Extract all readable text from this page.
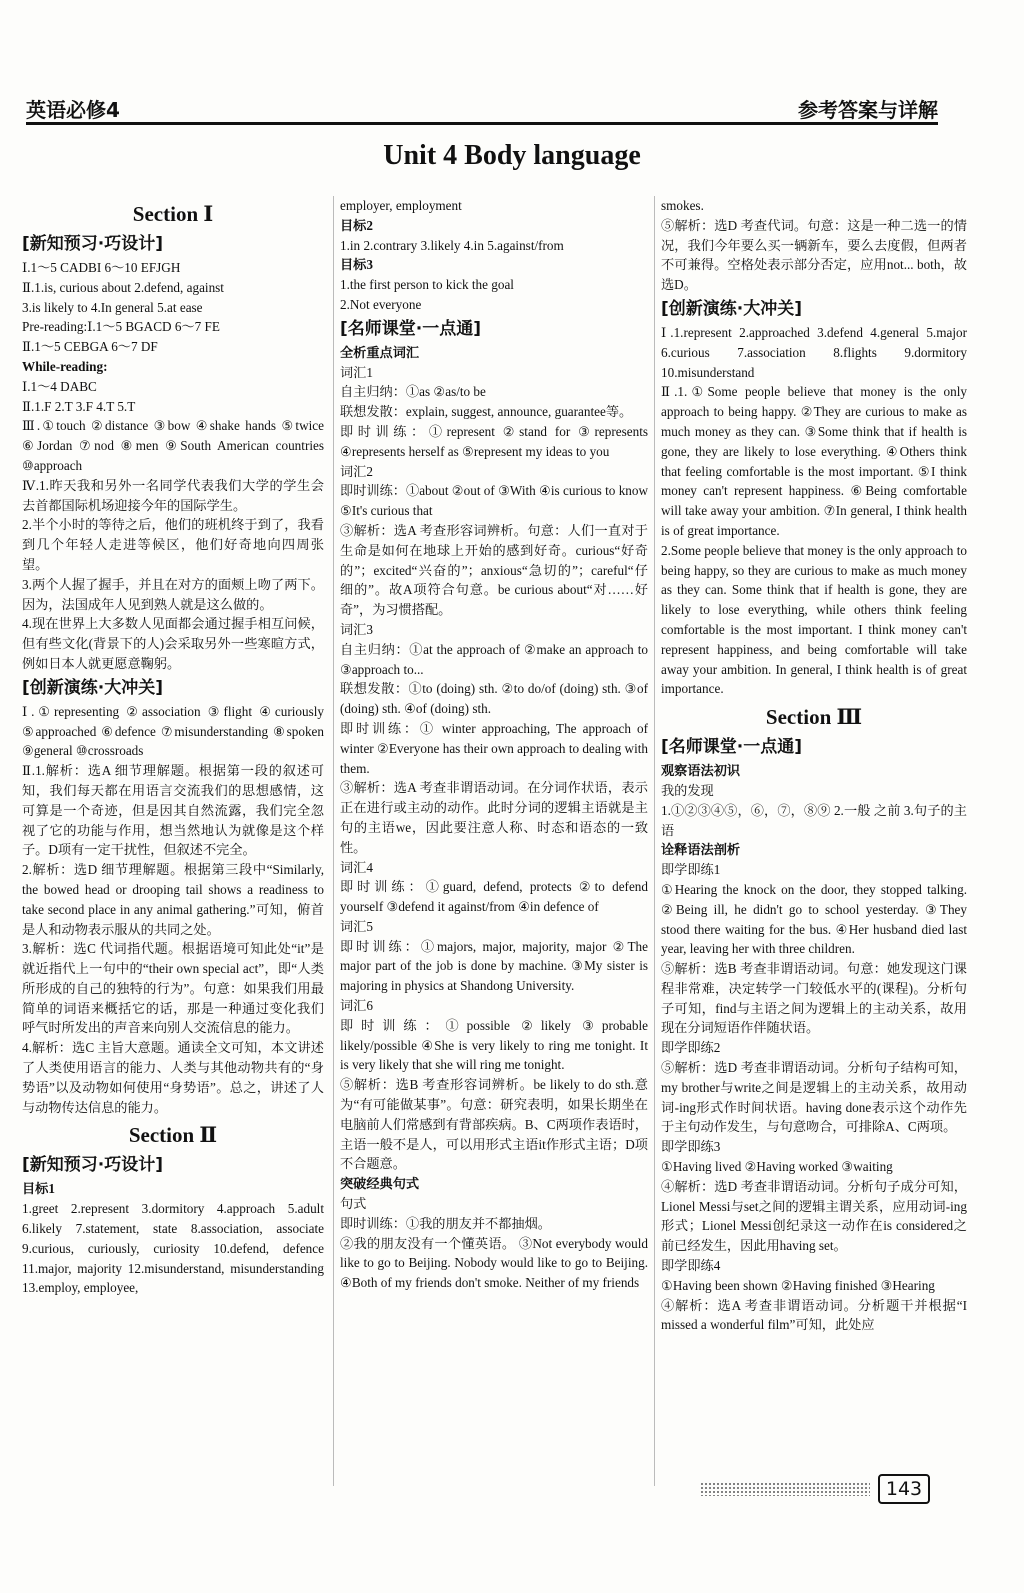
英语必修4	参考答案与详解
Unit 4 Body language
Section Ⅰ
[新知预习·巧设计]

Ⅰ.1～5 CADBI 6～10 EFJGH

Ⅱ.1.is, curious about 2.defend, against

3.is likely to 4.In general 5.at ease

Pre-reading:Ⅰ.1～5 BGACD 6～7 FE

Ⅱ.1～5 CEBGA 6～7 DF

While-reading:

Ⅰ.1～4 DABC

Ⅱ.1.F 2.T 3.F 4.T 5.T

Ⅲ.①touch ②distance ③bow ④shake hands ⑤twice ⑥Jordan ⑦nod ⑧men ⑨South American countries ⑩approach

Ⅳ.1.昨天我和另外一名同学代表我们大学的学生会去首都国际机场迎接今年的国际学生。

2.半个小时的等待之后，他们的班机终于到了，我看到几个年轻人走进等候区，他们好奇地向四周张望。

3.两个人握了握手，并且在对方的面颊上吻了两下。因为，法国成年人见到熟人就是这么做的。

4.现在世界上大多数人见面都会通过握手相互问候，但有些文化(背景下的人)会采取另外一些寒暄方式，例如日本人就更愿意鞠躬。

[创新演练·大冲关]

Ⅰ.①representing ②association ③flight ④curiously ⑤approached ⑥defence ⑦misunderstanding ⑧spoken ⑨general ⑩crossroads

Ⅱ.1.解析：选A 细节理解题。根据第一段的叙述可知，我们每天都在用语言交流我们的思想感情，这可算是一个奇迹，但是因其自然流露，我们完全忽视了它的功能与作用，想当然地认为就像是这个样子。D项有一定干扰性，但叙述不完全。

2.解析：选D 细节理解题。根据第三段中“Similarly, the bowed head or drooping tail shows a readiness to take second place in any animal gathering.”可知，俯首是人和动物表示服从的共同之处。

3.解析：选C 代词指代题。根据语境可知此处“it”是就近指代上一句中的“their own special act”，即“人类所形成的自己的独特的行为”。句意：如果我们用最简单的词语来概括它的话，那是一种通过变化我们呼气时所发出的声音来向别人交流信息的能力。

4.解析：选C 主旨大意题。通读全文可知，本文讲述了人类使用语言的能力、人类与其他动物共有的“身势语”以及动物如何使用“身势语”。总之，讲述了人与动物传达信息的能力。

Section Ⅱ
[新知预习·巧设计]

目标1

1.greet 2.represent 3.dormitory 4.approach 5.adult 6.likely 7.statement, state 8.association, associate 9.curious, curiously, curiosity 10.defend, defence 11.major, majority 12.misunderstand, misunderstanding 13.employ, employee,

employer, employment

目标2

1.in 2.contrary 3.likely 4.in 5.against/from

目标3

1.the first person to kick the goal

2.Not everyone

[名师课堂·一点通]

全析重点词汇

词汇1

自主归纳：①as ②as/to be

联想发散：explain, suggest, announce, guarantee等。

即时训练：①represent ②stand for ③represents ④represents herself as ⑤represent my ideas to you

词汇2

即时训练：①about ②out of ③With ④is curious to know ⑤It's curious that

③解析：选A 考查形容词辨析。句意：人们一直对于生命是如何在地球上开始的感到好奇。curious“好奇的”；excited“兴奋的”；anxious“急切的”；careful“仔细的”。故A项符合句意。be curious about“对……好奇”，为习惯搭配。

词汇3

自主归纳：①at the approach of ②make an approach to ③approach to...

联想发散：①to (doing) sth. ②to do/of (doing) sth. ③of (doing) sth. ④of (doing) sth.

即时训练：① winter approaching, The approach of winter ②Everyone has their own approach to dealing with them.

③解析：选A 考查非谓语动词。在分词作状语，表示正在进行或主动的动作。此时分词的逻辑主语就是主句的主语we，因此要注意人称、时态和语态的一致性。

词汇4

即时训练：①guard, defend, protects ②to defend yourself ③defend it against/from ④in defence of

词汇5

即时训练：①majors, major, majority, major ②The major part of the job is done by machine. ③My sister is majoring in physics at Shandong University.

词汇6

即时训练：①possible ②likely ③probable likely/possible ④She is very likely to ring me tonight. It is very likely that she will ring me tonight.

⑤解析：选B 考查形容词辨析。be likely to do sth.意为“有可能做某事”。句意：研究表明，如果长期坐在电脑前人们常感到有背部疾病。B、C两项作表语时，主语一般不是人，可以用形式主语it作形式主语；D项不合题意。

突破经典句式

句式

即时训练：①我的朋友并不都抽烟。

②我的朋友没有一个懂英语。 ③Not everybody would like to go to Beijing. Nobody would like to go to Beijing. ④Both of my friends don't smoke. Neither of my friends

smokes.

⑤解析：选D 考查代词。句意：这是一种二选一的情况，我们今年要么买一辆新车，要么去度假，但两者不可兼得。空格处表示部分否定，应用not... both，故选D。

[创新演练·大冲关]

Ⅰ.1.represent 2.approached 3.defend 4.general 5.major 6.curious 7.association 8.flights 9.dormitory 10.misunderstand

Ⅱ.1.①Some people believe that money is the only approach to being happy. ②They are curious to make as much money as they can. ③Some think that if health is gone, they are likely to lose everything. ④Others think that feeling comfortable is the most important. ⑤I think money can't represent happiness. ⑥Being comfortable will take away your ambition. ⑦In general, I think health is of great importance.

2.Some people believe that money is the only approach to being happy, so they are curious to make as much money as they can. Some think that if health is gone, they are likely to lose everything, while others think feeling comfortable is the most important. I think money can't represent happiness, and being comfortable will take away your ambition. In general, I think health is of great importance.

Section Ⅲ
[名师课堂·一点通]

观察语法初识

我的发现

1.①②③④⑤，⑥，⑦，⑧⑨ 2.一般 之前 3.句子的主语

诠释语法剖析

即学即练1

①Hearing the knock on the door, they stopped talking. ②Being ill, he didn't go to school yesterday. ③They stood there waiting for the bus. ④Her husband died last year, leaving her with three children.

⑤解析：选B 考查非谓语动词。句意：她发现这门课程非常难，决定转学一门较低水平的(课程)。分析句子可知，find与主语之间为逻辑上的主动关系，故用现在分词短语作伴随状语。

即学即练2

⑤解析：选D 考查非谓语动词。分析句子结构可知，my brother与write之间是逻辑上的主动关系，故用动词-ing形式作时间状语。having done表示这个动作先于主句动作发生，与句意吻合，可排除A、C两项。

即学即练3

①Having lived ②Having worked ③waiting

④解析：选D 考查非谓语动词。分析句子成分可知，Lionel Messi与set之间的逻辑主谓关系，应用动词-ing形式；Lionel Messi创纪录这一动作在is considered之前已经发生，因此用having set。

即学即练4

①Having been shown ②Having finished ③Hearing

④解析：选A 考查非谓语动词。分析题干并根据“I missed a wonderful film”可知，此处应

143
